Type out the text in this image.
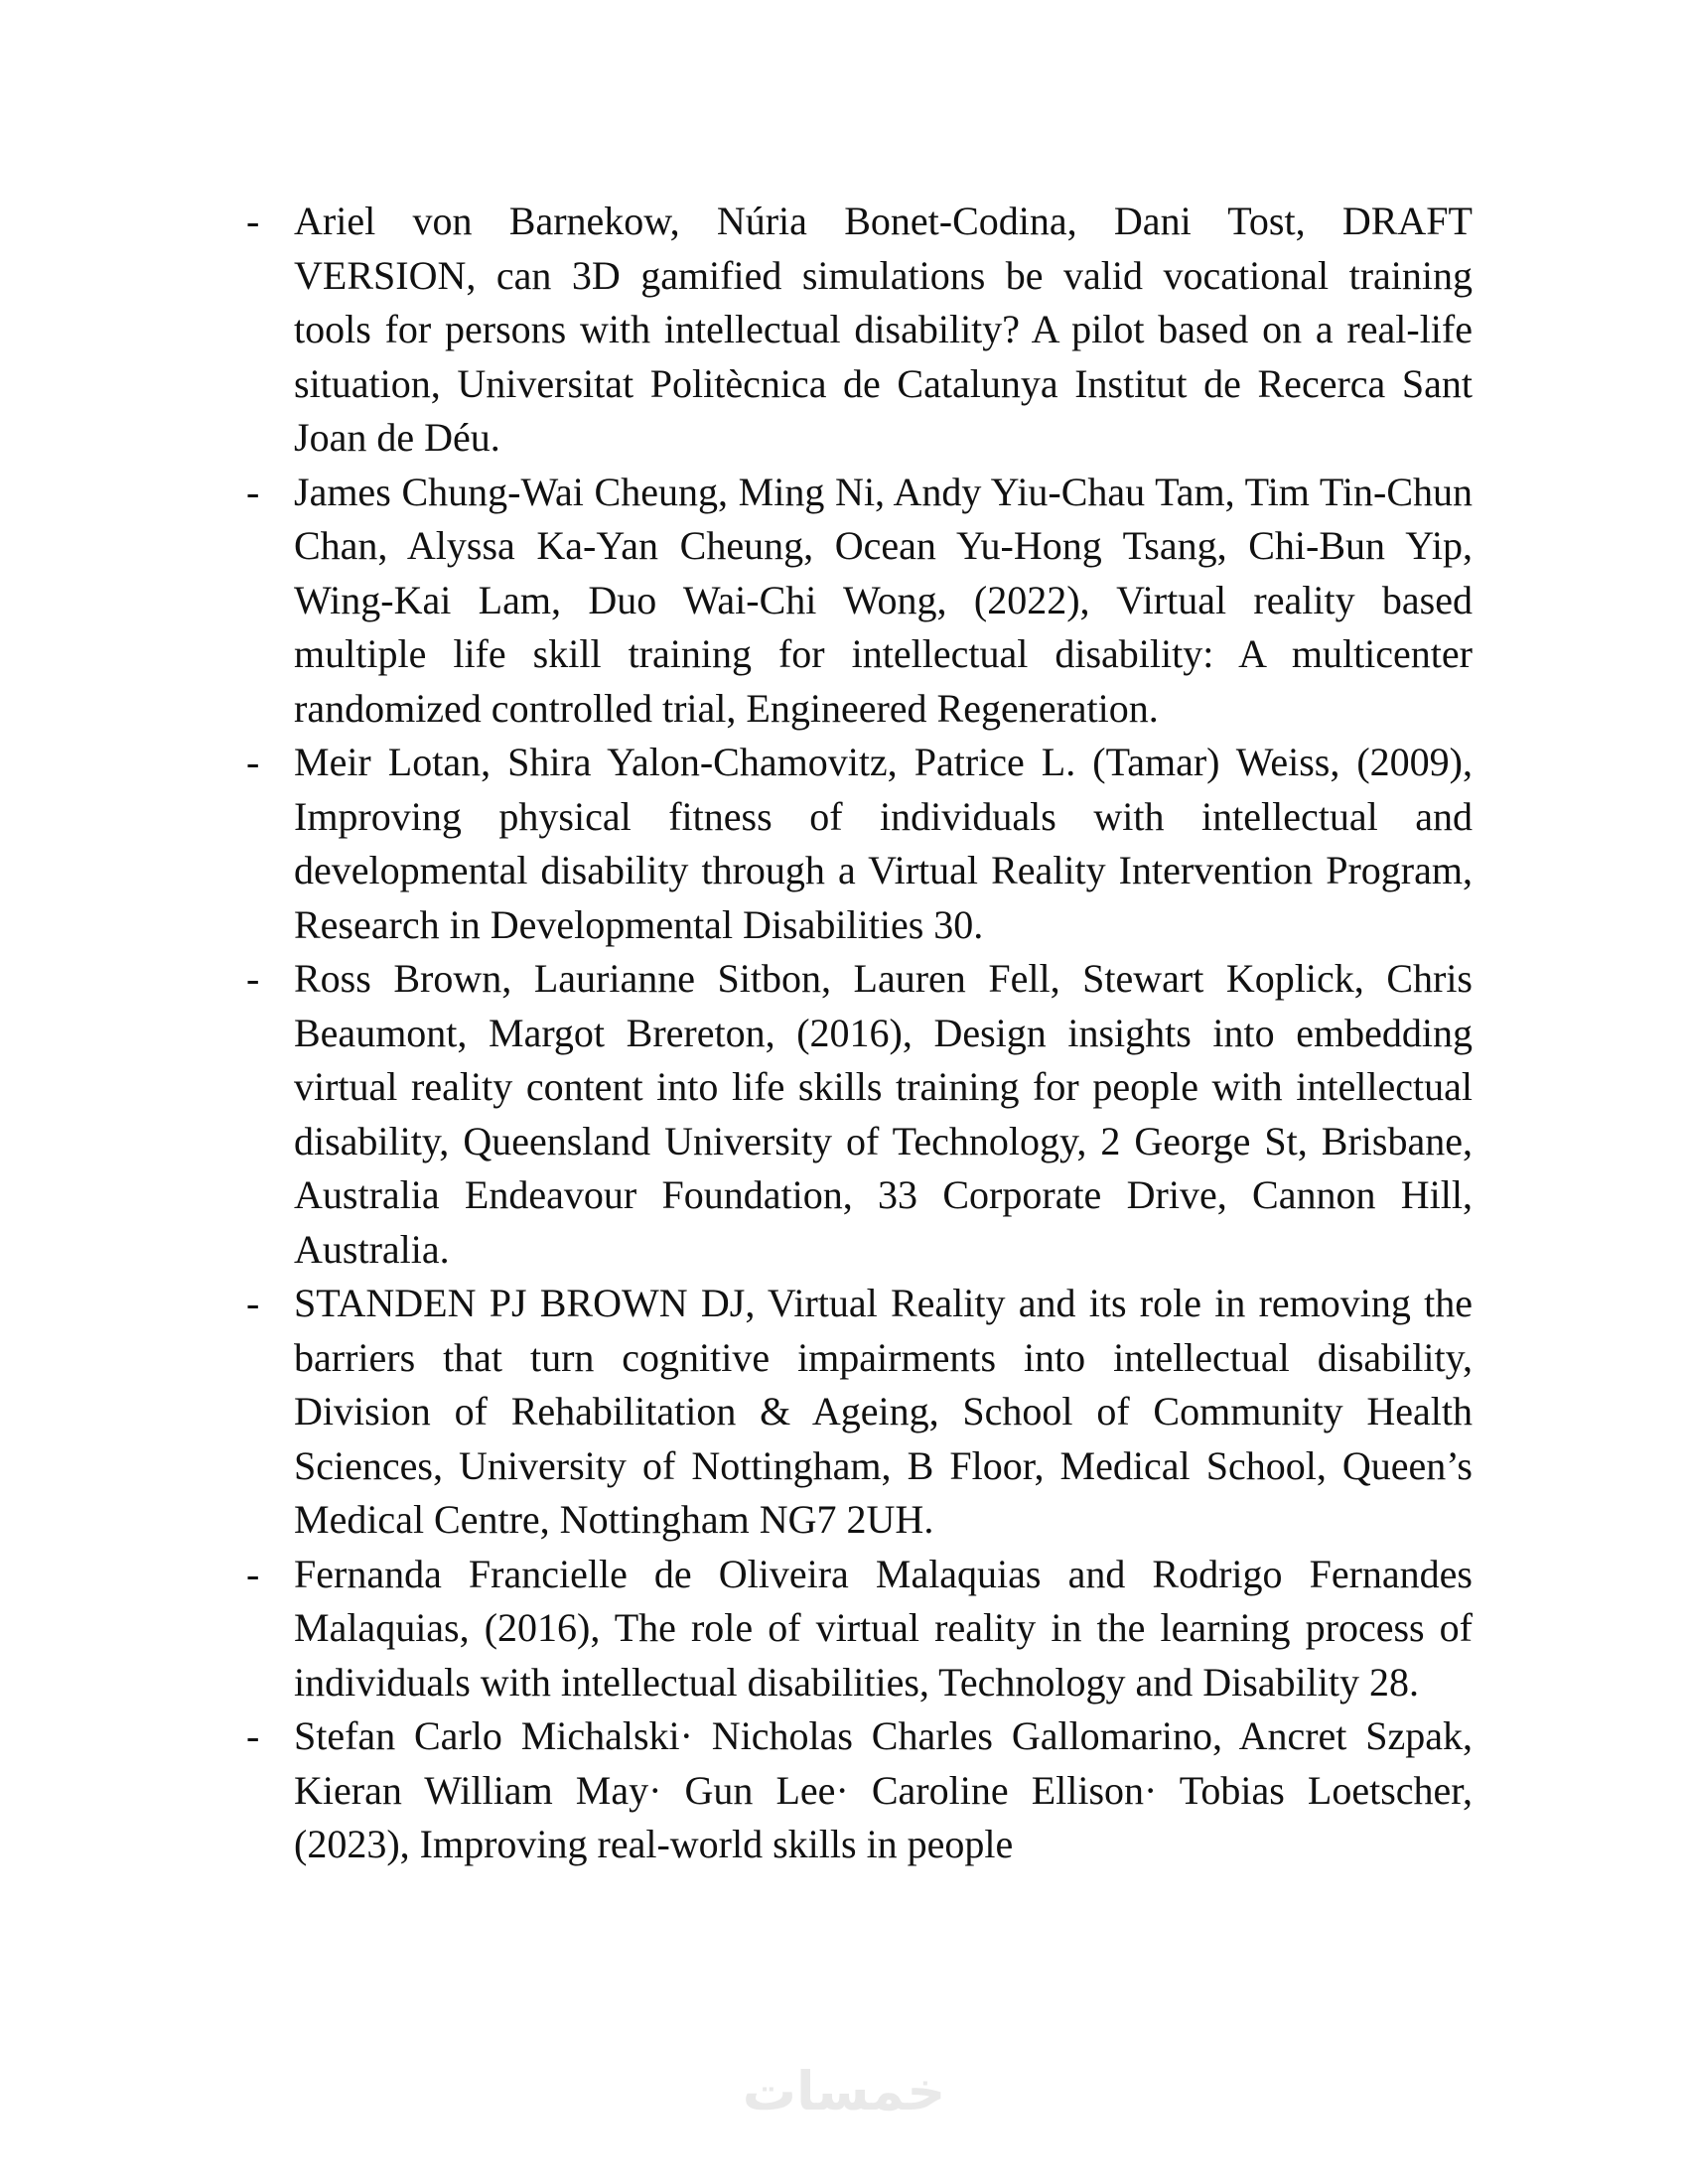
- Ariel von Barnekow, Núria Bonet-Codina, Dani Tost, DRAFT VERSION, can 3D gamified simulations be valid vocational training tools for persons with intellectual disability? A pilot based on a real-life situation, Universitat Politècnica de Catalunya Institut de Recerca Sant Joan de Déu.
- James Chung-Wai Cheung, Ming Ni, Andy Yiu-Chau Tam, Tim Tin-Chun Chan, Alyssa Ka-Yan Cheung, Ocean Yu-Hong Tsang, Chi-Bun Yip, Wing-Kai Lam, Duo Wai-Chi Wong, (2022), Virtual reality based multiple life skill training for intellectual disability: A multicenter randomized controlled trial, Engineered Regeneration.
- Meir Lotan, Shira Yalon-Chamovitz, Patrice L. (Tamar) Weiss, (2009), Improving physical fitness of individuals with intellectual and developmental disability through a Virtual Reality Intervention Program, Research in Developmental Disabilities 30.
- Ross Brown, Laurianne Sitbon, Lauren Fell, Stewart Koplick, Chris Beaumont, Margot Brereton, (2016), Design insights into embedding virtual reality content into life skills training for people with intellectual disability, Queensland University of Technology, 2 George St, Brisbane, Australia Endeavour Foundation, 33 Corporate Drive, Cannon Hill, Australia.
- STANDEN PJ BROWN DJ, Virtual Reality and its role in removing the barriers that turn cognitive impairments into intellectual disability, Division of Rehabilitation & Ageing, School of Community Health Sciences, University of Nottingham, B Floor, Medical School, Queen’s Medical Centre, Nottingham NG7 2UH.
- Fernanda Francielle de Oliveira Malaquias and Rodrigo Fernandes Malaquias, (2016), The role of virtual reality in the learning process of individuals with intellectual disabilities, Technology and Disability 28.
- Stefan Carlo Michalski· Nicholas Charles Gallomarino, Ancret Szpak, Kieran William May· Gun Lee· Caroline Ellison· Tobias Loetscher, (2023), Improving real-world skills in people
خمسات
